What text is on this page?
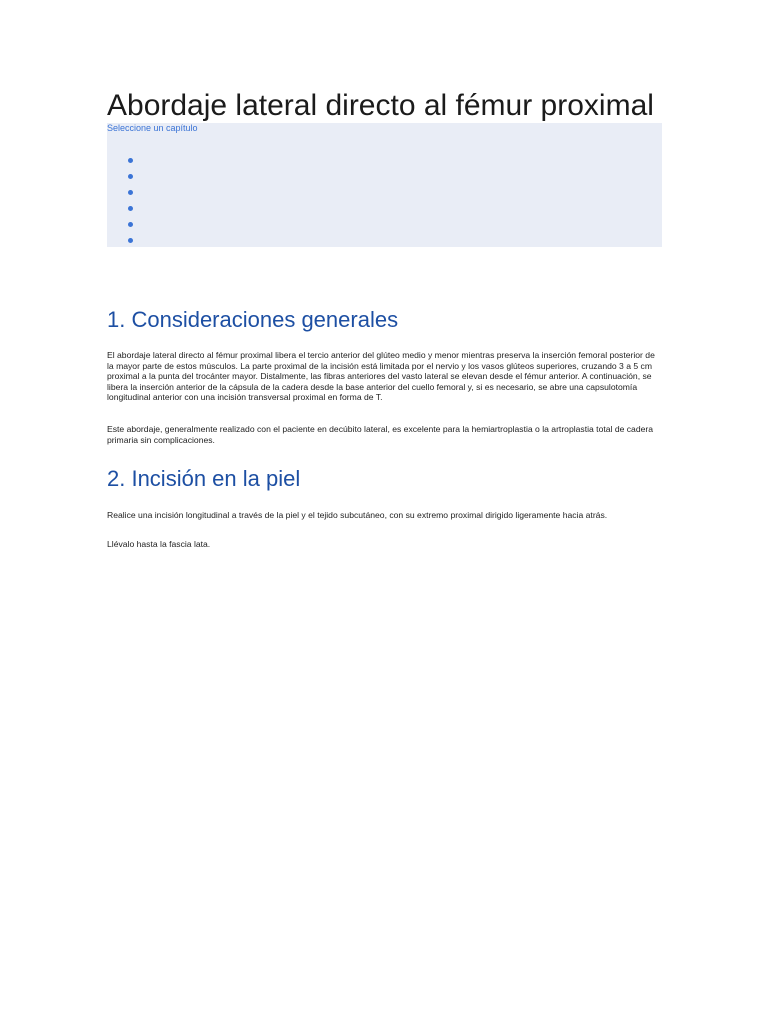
Abordaje lateral directo al fémur proximal
Seleccione un capítulo
1. Consideraciones generales

El abordaje lateral directo al fémur proximal libera el tercio anterior del glúteo medio y menor mientras preserva la inserción femoral posterior de la mayor parte de estos músculos. La parte proximal de la incisión está limitada por el nervio y los vasos glúteos superiores, cruzando 3 a 5 cm proximal a la punta del trocánter mayor. Distalmente, las fibras anteriores del vasto lateral se elevan desde el fémur anterior. A continuación, se libera la inserción anterior de la cápsula de la cadera desde la base anterior del cuello femoral y, si es necesario, se abre una capsulotomía longitudinal anterior con una incisión transversal proximal en forma de T.

Este abordaje, generalmente realizado con el paciente en decúbito lateral, es excelente para la hemiartroplastia o la artroplastia total de cadera primaria sin complicaciones.

2. Incisión en la piel

Realice una incisión longitudinal a través de la piel y el tejido subcutáneo, con su extremo proximal dirigido ligeramente hacia atrás.

Llévalo hasta la fascia lata.
